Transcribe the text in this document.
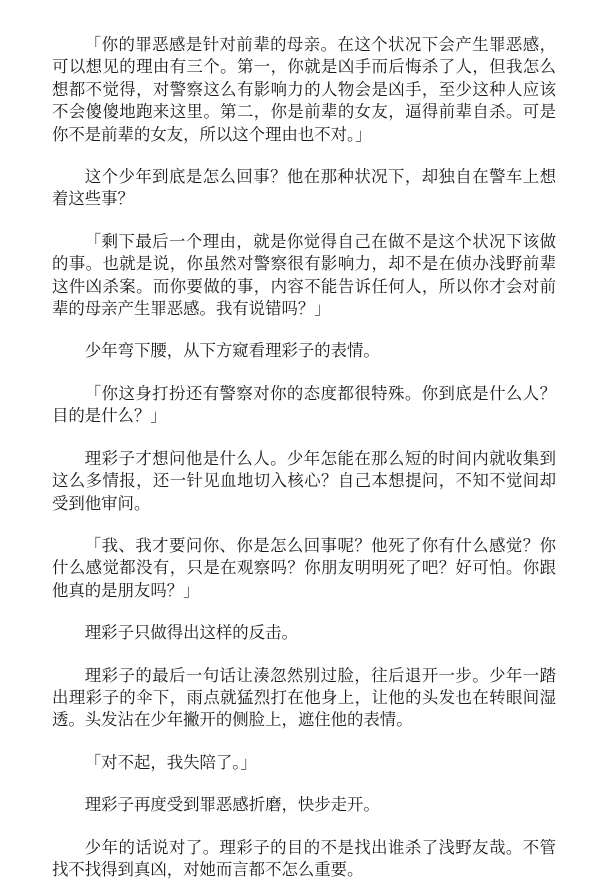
「你的罪恶感是针对前辈的母亲。在这个状况下会产生罪恶感，可以想见的理由有三个。第一，你就是凶手而后悔杀了人，但我怎么想都不觉得，对警察这么有影响力的人物会是凶手，至少这种人应该不会傻傻地跑来这里。第二，你是前辈的女友，逼得前辈自杀。可是你不是前辈的女友，所以这个理由也不对。」

这个少年到底是怎么回事？他在那种状况下，却独自在警车上想着这些事？

「剩下最后一个理由，就是你觉得自己在做不是这个状况下该做的事。也就是说，你虽然对警察很有影响力，却不是在侦办浅野前辈这件凶杀案。而你要做的事，内容不能告诉任何人，所以你才会对前辈的母亲产生罪恶感。我有说错吗？」

少年弯下腰，从下方窥看理彩子的表情。

「你这身打扮还有警察对你的态度都很特殊。你到底是什么人？目的是什么？」

理彩子才想问他是什么人。少年怎能在那么短的时间内就收集到这么多情报，还一针见血地切入核心？自己本想提问，不知不觉间却受到他审问。

「我、我才要问你、你是怎么回事呢？他死了你有什么感觉？你什么感觉都没有，只是在观察吗？你朋友明明死了吧？好可怕。你跟他真的是朋友吗？」

理彩子只做得出这样的反击。

理彩子的最后一句话让湊忽然别过脸，往后退开一步。少年一踏出理彩子的伞下，雨点就猛烈打在他身上，让他的头发也在转眼间湿透。头发沾在少年撇开的侧脸上，遮住他的表情。

「对不起，我失陪了。」

理彩子再度受到罪恶感折磨，快步走开。

少年的话说对了。理彩子的目的不是找出谁杀了浅野友哉。不管找不找得到真凶，对她而言都不怎么重要。
